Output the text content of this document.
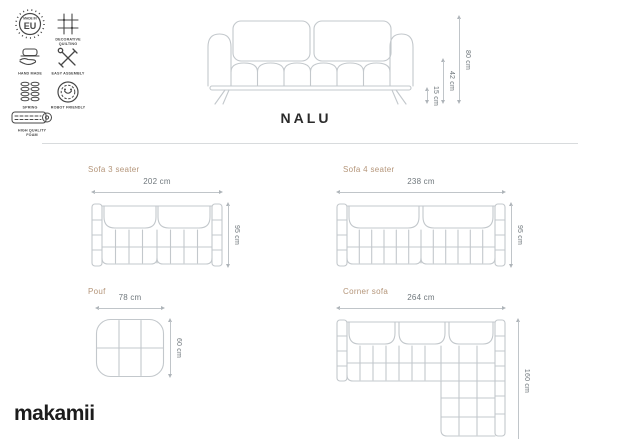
MADE IN
EU
DECORATIVE QUILTING
HAND MADE	EASY ASSEMBLY
SPRING	ROBOT FRIENDLY
HIGH QUALITY FOAM
15 cm
42 cm
80 cm
NALU
Sofa 3 seater
202 cm
95 cm
Sofa 4 seater
238 cm
95 cm
Pouf
78 cm
60 cm
Corner sofa
264 cm
160 cm
makamii
